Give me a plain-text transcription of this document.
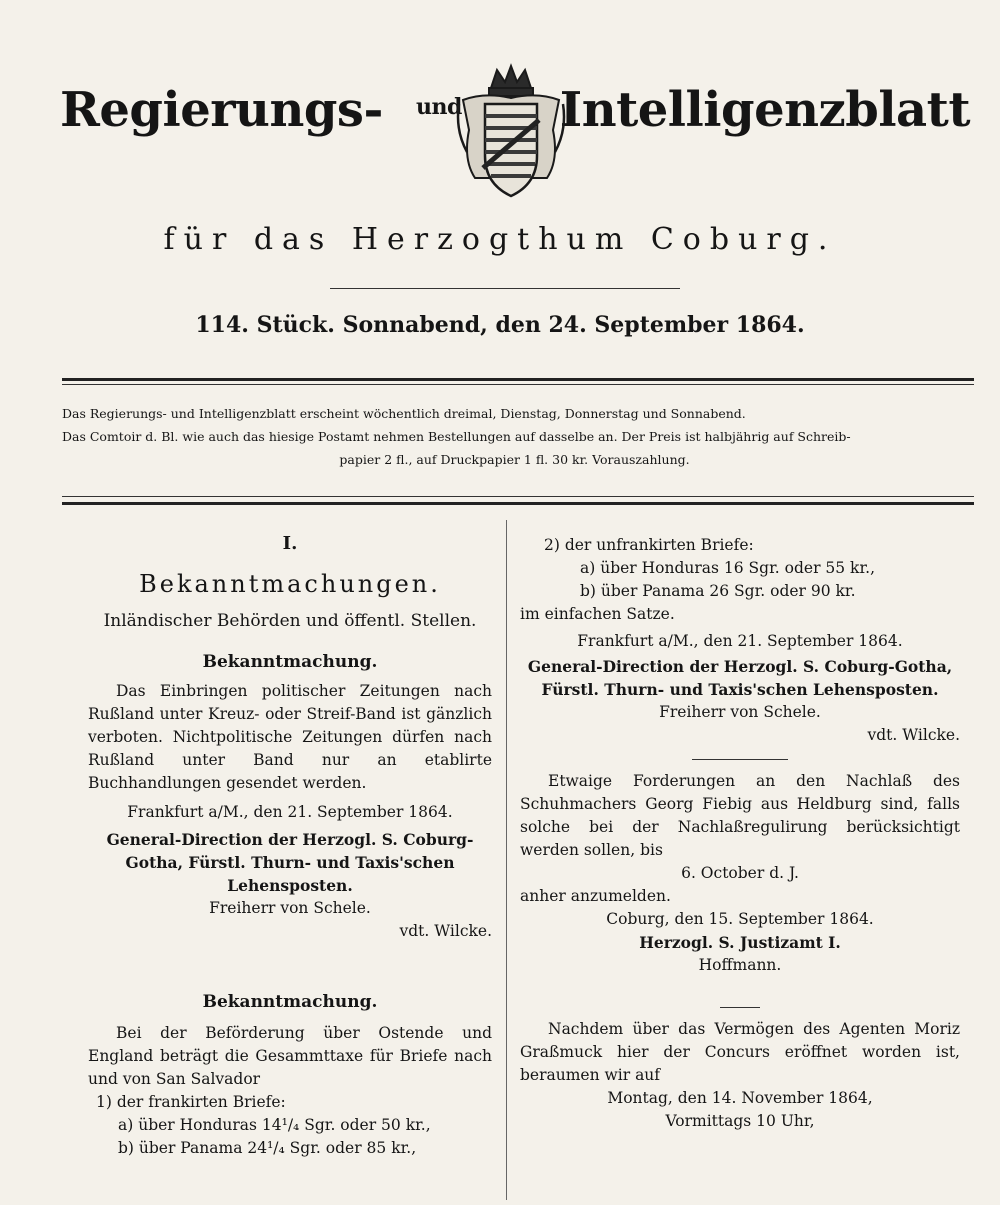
Regierungs- und Intelligenzblatt
für das Herzogthum Coburg.
114. Stück. Sonnabend, den 24. September 1864.

Das Regierungs- und Intelligenzblatt erscheint wöchentlich dreimal, Dienstag, Donnerstag und Sonnabend.

Das Comtoir d. Bl. wie auch das hiesige Postamt nehmen Bestellungen auf dasselbe an. Der Preis ist halbjährig auf Schreib-

papier 2 fl., auf Druckpapier 1 fl. 30 kr. Vorauszahlung.

I.

Bekanntmachungen.

Inländischer Behörden und öffentl. Stellen.

Bekanntmachung.

Das Einbringen politischer Zeitungen nach Rußland unter Kreuz- oder Streif-Band ist gänzlich verboten. Nichtpolitische Zeitungen dürfen nach Rußland unter Band nur an etablirte Buchhandlungen gesendet werden.

Frankfurt a/M., den 21. September 1864.

General-Direction der Herzogl. S. Coburg-Gotha, Fürstl. Thurn- und Taxis'schen Lehensposten.

Freiherr von Schele.

vdt. Wilcke.

Bekanntmachung.

Bei der Beförderung über Ostende und England beträgt die Gesammttaxe für Briefe nach und von San Salvador

1) der frankirten Briefe:

a) über Honduras 14¹/₄ Sgr. oder 50 kr.,

b) über Panama 24¹/₄ Sgr. oder 85 kr.,

2) der unfrankirten Briefe:

a) über Honduras 16 Sgr. oder 55 kr.,

b) über Panama 26 Sgr. oder 90 kr.

im einfachen Satze.

Frankfurt a/M., den 21. September 1864.

General-Direction der Herzogl. S. Coburg-Gotha, Fürstl. Thurn- und Taxis'schen Lehensposten.

Freiherr von Schele.

vdt. Wilcke.

Etwaige Forderungen an den Nachlaß des Schuhmachers Georg Fiebig aus Heldburg sind, falls solche bei der Nachlaßregulirung berücksichtigt werden sollen, bis

6. October d. J.

anher anzumelden.

Coburg, den 15. September 1864.

Herzogl. S. Justizamt I.

Hoffmann.

Nachdem über das Vermögen des Agenten Moriz Graßmuck hier der Concurs eröffnet worden ist, beraumen wir auf

Montag, den 14. November 1864,

Vormittags 10 Uhr,
